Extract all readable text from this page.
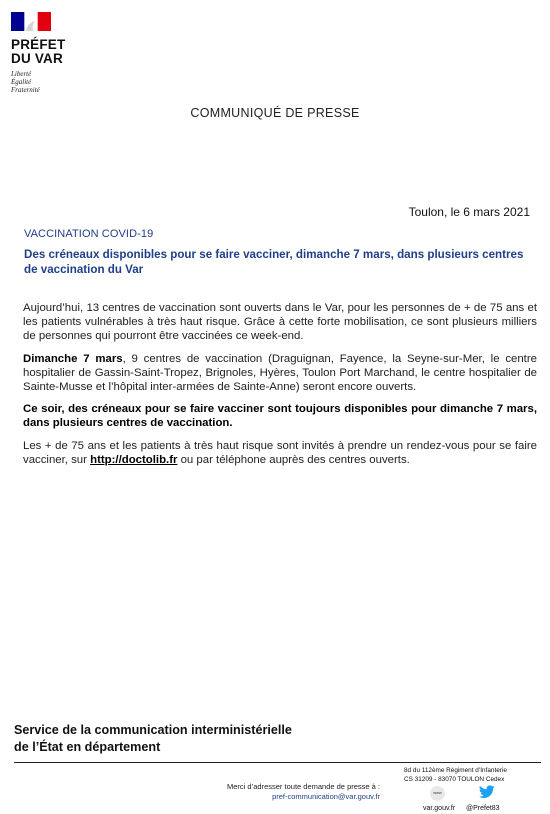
PRÉFET
DU VAR
Liberté
Égalité
Fraternité
COMMUNIQUÉ DE PRESSE
Toulon, le 6 mars 2021
VACCINATION COVID-19
Des créneaux disponibles pour se faire vacciner, dimanche 7 mars, dans plusieurs centres de vaccination du Var

Aujourd’hui, 13 centres de vaccination sont ouverts dans le Var, pour les personnes de + de 75 ans et les patients vulnérables à très haut risque. Grâce à cette forte mobilisation, ce sont plusieurs milliers de personnes qui pourront être vaccinées ce week-end.

Dimanche 7 mars, 9 centres de vaccination (Draguignan, Fayence, la Seyne-sur-Mer, le centre hospitalier de Gassin-Saint-Tropez, Brignoles, Hyères, Toulon Port Marchand, le centre hospitalier de Sainte-Musse et l’hôpital inter-armées de Sainte-Anne) seront encore ouverts.

Ce soir, des créneaux pour se faire vacciner sont toujours disponibles pour dimanche 7 mars, dans plusieurs centres de vaccination.

Les + de 75 ans et les patients à très haut risque sont invités à prendre un rendez-vous pour se faire vacciner, sur http://doctolib.fr ou par téléphone auprès des centres ouverts.

Service de la communication interministérielle
de l’État en département
Merci d’adresser toute demande de presse à :
pref-communication@var.gouv.fr
8d du 112ème Régiment d’Infanterie
CS 31209 - 83070 TOULON Cedex
www
var.gouv.fr @Prefet83
